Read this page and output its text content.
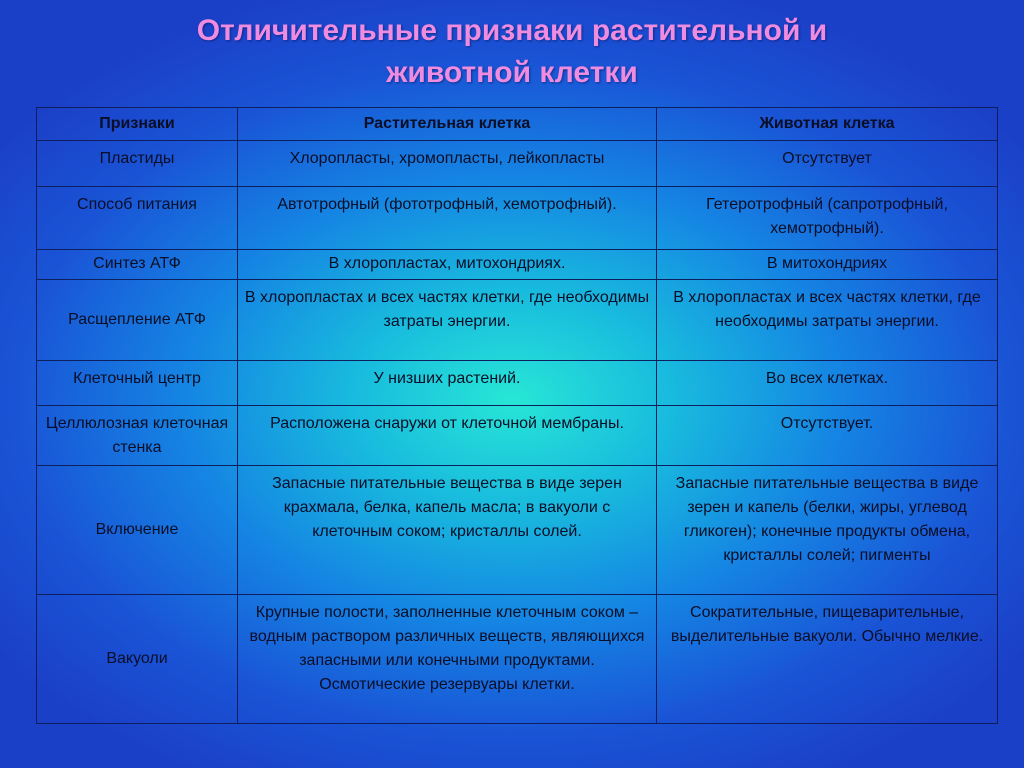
Отличительные признаки растительной и
животной клетки
Признаки	Растительная клетка	Животная клетка
Пластиды	Хлоропласты, хромопласты, лейкопласты	Отсутствует
Способ питания	Автотрофный (фототрофный, хемотрофный).	Гетеротрофный (сапротрофный, хемотрофный).
Синтез АТФ	В хлоропластах, митохондриях.	В митохондриях
Расщепление АТФ	В хлоропластах и всех частях клетки, где необходимы затраты энергии.	В хлоропластах и всех частях клетки, где необходимы затраты энергии.
Клеточный центр	У низших растений.	Во всех клетках.
Целлюлозная клеточная стенка	Расположена снаружи от клеточной мембраны.	Отсутствует.
Включение	Запасные питательные вещества в виде зерен крахмала, белка, капель масла; в вакуоли с клеточным соком; кристаллы солей.	Запасные питательные вещества в виде зерен и капель (белки, жиры, углевод гликоген); конечные продукты обмена, кристаллы солей; пигменты
Вакуоли	Крупные полости, заполненные клеточным соком – водным раствором различных веществ, являющихся запасными или конечными продуктами. Осмотические резервуары клетки.	Сократительные, пищеварительные, выделительные вакуоли. Обычно мелкие.
